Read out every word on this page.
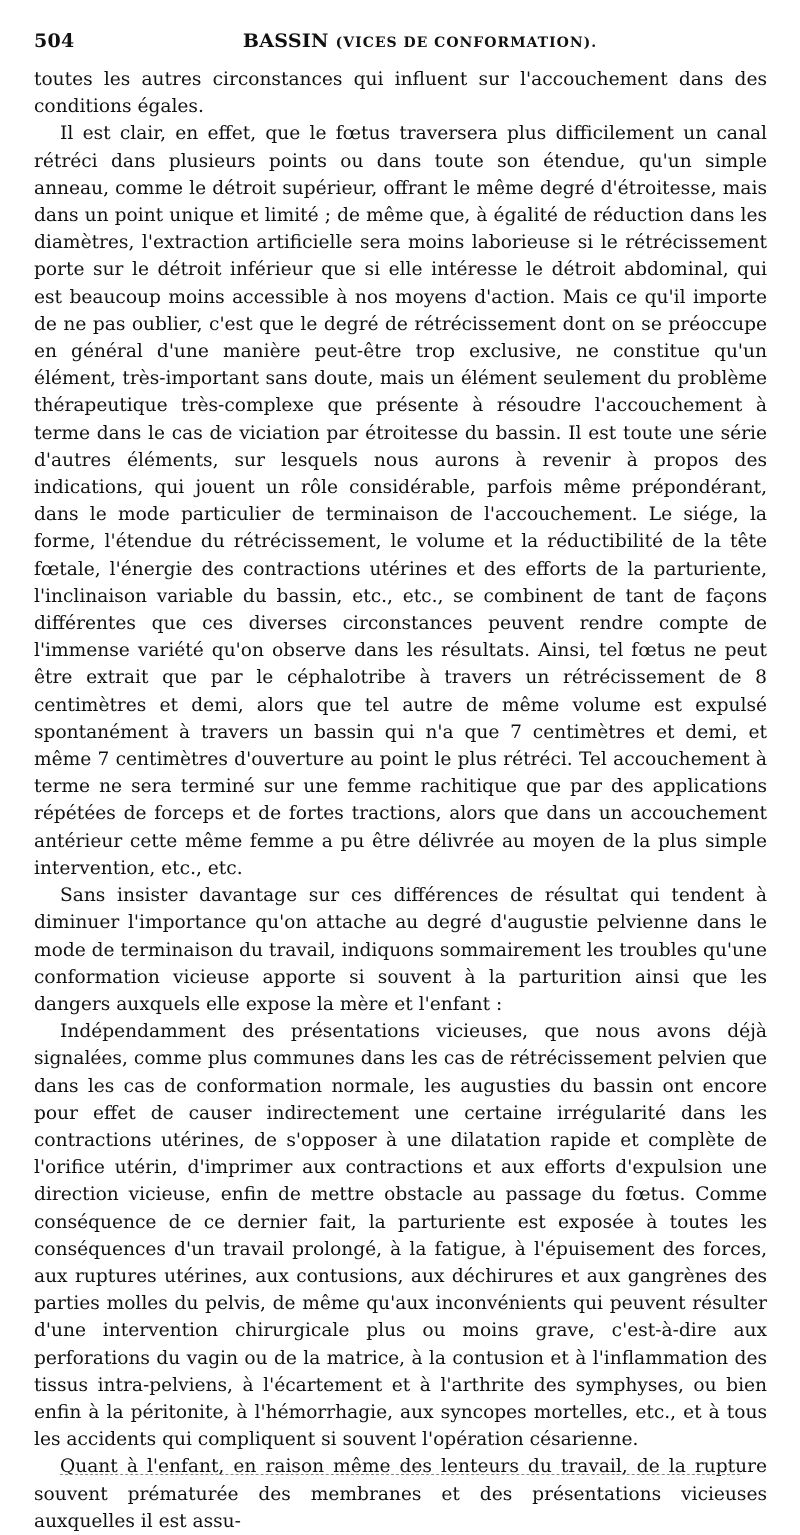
504	BASSIN (VICES DE CONFORMATION).

toutes les autres circonstances qui influent sur l'accouchement dans des conditions égales.

Il est clair, en effet, que le fœtus traversera plus difficilement un canal rétréci dans plusieurs points ou dans toute son étendue, qu'un simple anneau, comme le détroit supérieur, offrant le même degré d'étroitesse, mais dans un point unique et limité ; de même que, à égalité de réduction dans les diamètres, l'extraction artificielle sera moins laborieuse si le rétrécissement porte sur le détroit inférieur que si elle intéresse le détroit abdominal, qui est beaucoup moins accessible à nos moyens d'action. Mais ce qu'il importe de ne pas oublier, c'est que le degré de rétrécissement dont on se préoccupe en général d'une manière peut-être trop exclusive, ne constitue qu'un élément, très-important sans doute, mais un élément seulement du problème thérapeutique très-complexe que présente à résoudre l'accouchement à terme dans le cas de viciation par étroitesse du bassin. Il est toute une série d'autres éléments, sur lesquels nous aurons à revenir à propos des indications, qui jouent un rôle considérable, parfois même prépondérant, dans le mode particulier de terminaison de l'accouchement. Le siége, la forme, l'étendue du rétrécissement, le volume et la réductibilité de la tête fœtale, l'énergie des contractions utérines et des efforts de la parturiente, l'inclinaison variable du bassin, etc., etc., se combinent de tant de façons différentes que ces diverses circonstances peuvent rendre compte de l'immense variété qu'on observe dans les résultats. Ainsi, tel fœtus ne peut être extrait que par le céphalotribe à travers un rétrécissement de 8 centimètres et demi, alors que tel autre de même volume est expulsé spontanément à travers un bassin qui n'a que 7 centimètres et demi, et même 7 centimètres d'ouverture au point le plus rétréci. Tel accouchement à terme ne sera terminé sur une femme rachitique que par des applications répétées de forceps et de fortes tractions, alors que dans un accouchement antérieur cette même femme a pu être délivrée au moyen de la plus simple intervention, etc., etc.

Sans insister davantage sur ces différences de résultat qui tendent à diminuer l'importance qu'on attache au degré d'augustie pelvienne dans le mode de terminaison du travail, indiquons sommairement les troubles qu'une conformation vicieuse apporte si souvent à la parturition ainsi que les dangers auxquels elle expose la mère et l'enfant :

Indépendamment des présentations vicieuses, que nous avons déjà signalées, comme plus communes dans les cas de rétrécissement pelvien que dans les cas de conformation normale, les augusties du bassin ont encore pour effet de causer indirectement une certaine irrégularité dans les contractions utérines, de s'opposer à une dilatation rapide et complète de l'orifice utérin, d'imprimer aux contractions et aux efforts d'expulsion une direction vicieuse, enfin de mettre obstacle au passage du fœtus. Comme conséquence de ce dernier fait, la parturiente est exposée à toutes les conséquences d'un travail prolongé, à la fatigue, à l'épuisement des forces, aux ruptures utérines, aux contusions, aux déchirures et aux gangrènes des parties molles du pelvis, de même qu'aux inconvénients qui peuvent résulter d'une intervention chirurgicale plus ou moins grave, c'est-à-dire aux perforations du vagin ou de la matrice, à la contusion et à l'inflammation des tissus intra-pelviens, à l'écartement et à l'arthrite des symphyses, ou bien enfin à la péritonite, à l'hémorrhagie, aux syncopes mortelles, etc., et à tous les accidents qui compliquent si souvent l'opération césarienne.

Quant à l'enfant, en raison même des lenteurs du travail, de la rupture souvent prématurée des membranes et des présentations vicieuses auxquelles il est assu-
